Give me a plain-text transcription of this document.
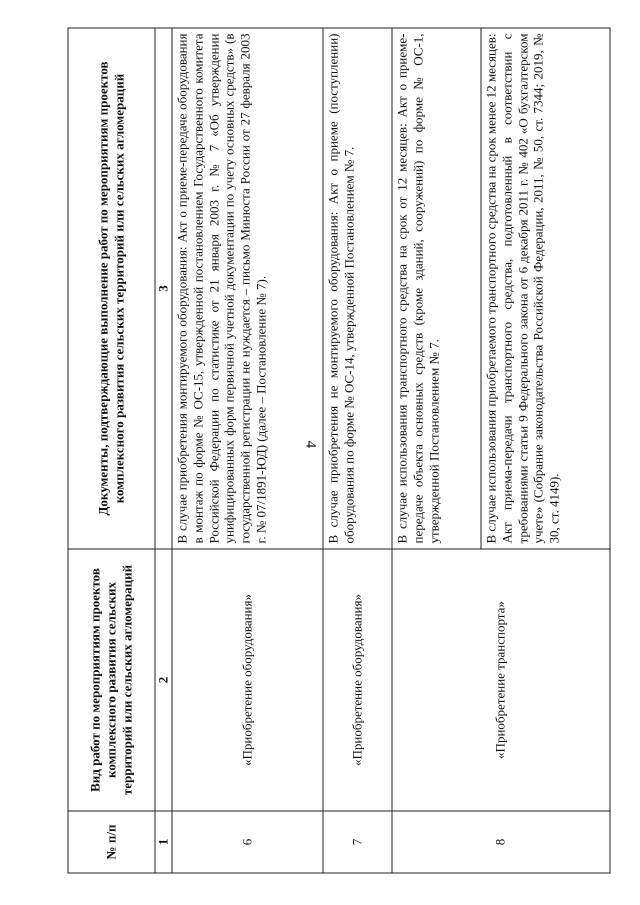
4
№ п/п	Вид работ по мероприятиям проектов комплексного развития сельских территорий или сельских агломераций	Документы, подтверждающие выполнение работ по мероприятиям проектов комплексного развития сельских территорий или сельских агломераций
1	2	3
6	«Приобретение оборудования»	В случае приобретения монтируемого оборудования: Акт о приеме-передаче оборудования в монтаж по форме № ОС-15, утвержденной постановлением Государственного комитета Российской Федерации по статистике от 21 января 2003 г. № 7 «Об утверждении унифицированных форм первичной учетной документации по учету основных средств» (в государственной регистрации не нуждается – письмо Минюста России от 27 февраля 2003 г. № 07/1891-ЮД) (далее – Постановление № 7).
7	«Приобретение оборудования»	В случае приобретения не монтируемого оборудования: Акт о приеме (поступлении) оборудования по форме № ОС-14, утвержденной Постановлением № 7.
8	«Приобретение транспорта»	В случае использования транспортного средства на срок от 12 месяцев: Акт о приеме-передаче объекта основных средств (кроме зданий, сооружений) по форме № ОС-1, утвержденной Постановлением № 7.
		В случае использования приобретаемого транспортного средства на срок менее 12 месяцев: Акт приема-передачи транспортного средства, подготовленный в соответствии с требованиями статьи 9 Федерального закона от 6 декабря 2011 г. № 402 «О бухгалтерском учете» (Собрание законодательства Российской Федерации, 2011, № 50, ст. 7344; 2019, № 30, ст. 4149).
